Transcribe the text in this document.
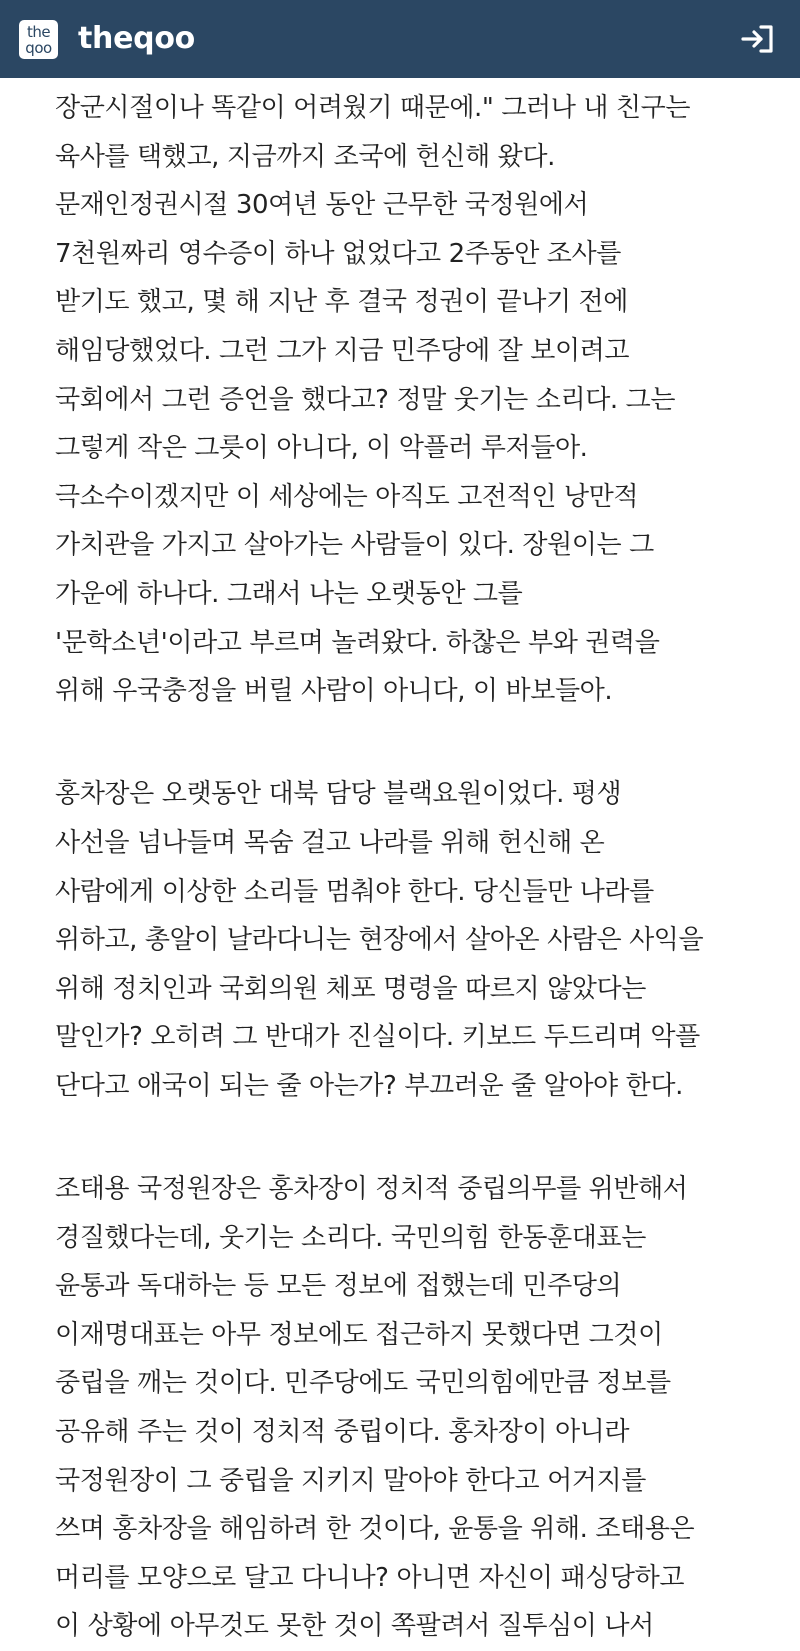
the
qoo theqoo
장군시절이나 똑같이 어려웠기 때문에." 그러나 내 친구는
육사를 택했고, 지금까지 조국에 헌신해 왔다.
문재인정권시절 30여년 동안 근무한 국정원에서
7천원짜리 영수증이 하나 없었다고 2주동안 조사를
받기도 했고, 몇 해 지난 후 결국 정권이 끝나기 전에
해임당했었다. 그런 그가 지금 민주당에 잘 보이려고
국회에서 그런 증언을 했다고? 정말 웃기는 소리다. 그는
그렇게 작은 그릇이 아니다, 이 악플러 루저들아.
극소수이겠지만 이 세상에는 아직도 고전적인 낭만적
가치관을 가지고 살아가는 사람들이 있다. 장원이는 그
가운에 하나다. 그래서 나는 오랫동안 그를
'문학소년'이라고 부르며 놀려왔다. 하찮은 부와 권력을
위해 우국충정을 버릴 사람이 아니다, 이 바보들아.
홍차장은 오랫동안 대북 담당 블랙요원이었다. 평생
사선을 넘나들며 목숨 걸고 나라를 위해 헌신해 온
사람에게 이상한 소리들 멈춰야 한다. 당신들만 나라를
위하고, 총알이 날라다니는 현장에서 살아온 사람은 사익을
위해 정치인과 국회의원 체포 명령을 따르지 않았다는
말인가? 오히려 그 반대가 진실이다. 키보드 두드리며 악플
단다고 애국이 되는 줄 아는가? 부끄러운 줄 알아야 한다.
조태용 국정원장은 홍차장이 정치적 중립의무를 위반해서
경질했다는데, 웃기는 소리다. 국민의힘 한동훈대표는
윤통과 독대하는 등 모든 정보에 접했는데 민주당의
이재명대표는 아무 정보에도 접근하지 못했다면 그것이
중립을 깨는 것이다. 민주당에도 국민의힘에만큼 정보를
공유해 주는 것이 정치적 중립이다. 홍차장이 아니라
국정원장이 그 중립을 지키지 말아야 한다고 어거지를
쓰며 홍차장을 해임하려 한 것이다, 윤통을 위해. 조태용은
머리를 모양으로 달고 다니나? 아니면 자신이 패싱당하고
이 상황에 아무것도 못한 것이 쪽팔려서 질투심이 나서
